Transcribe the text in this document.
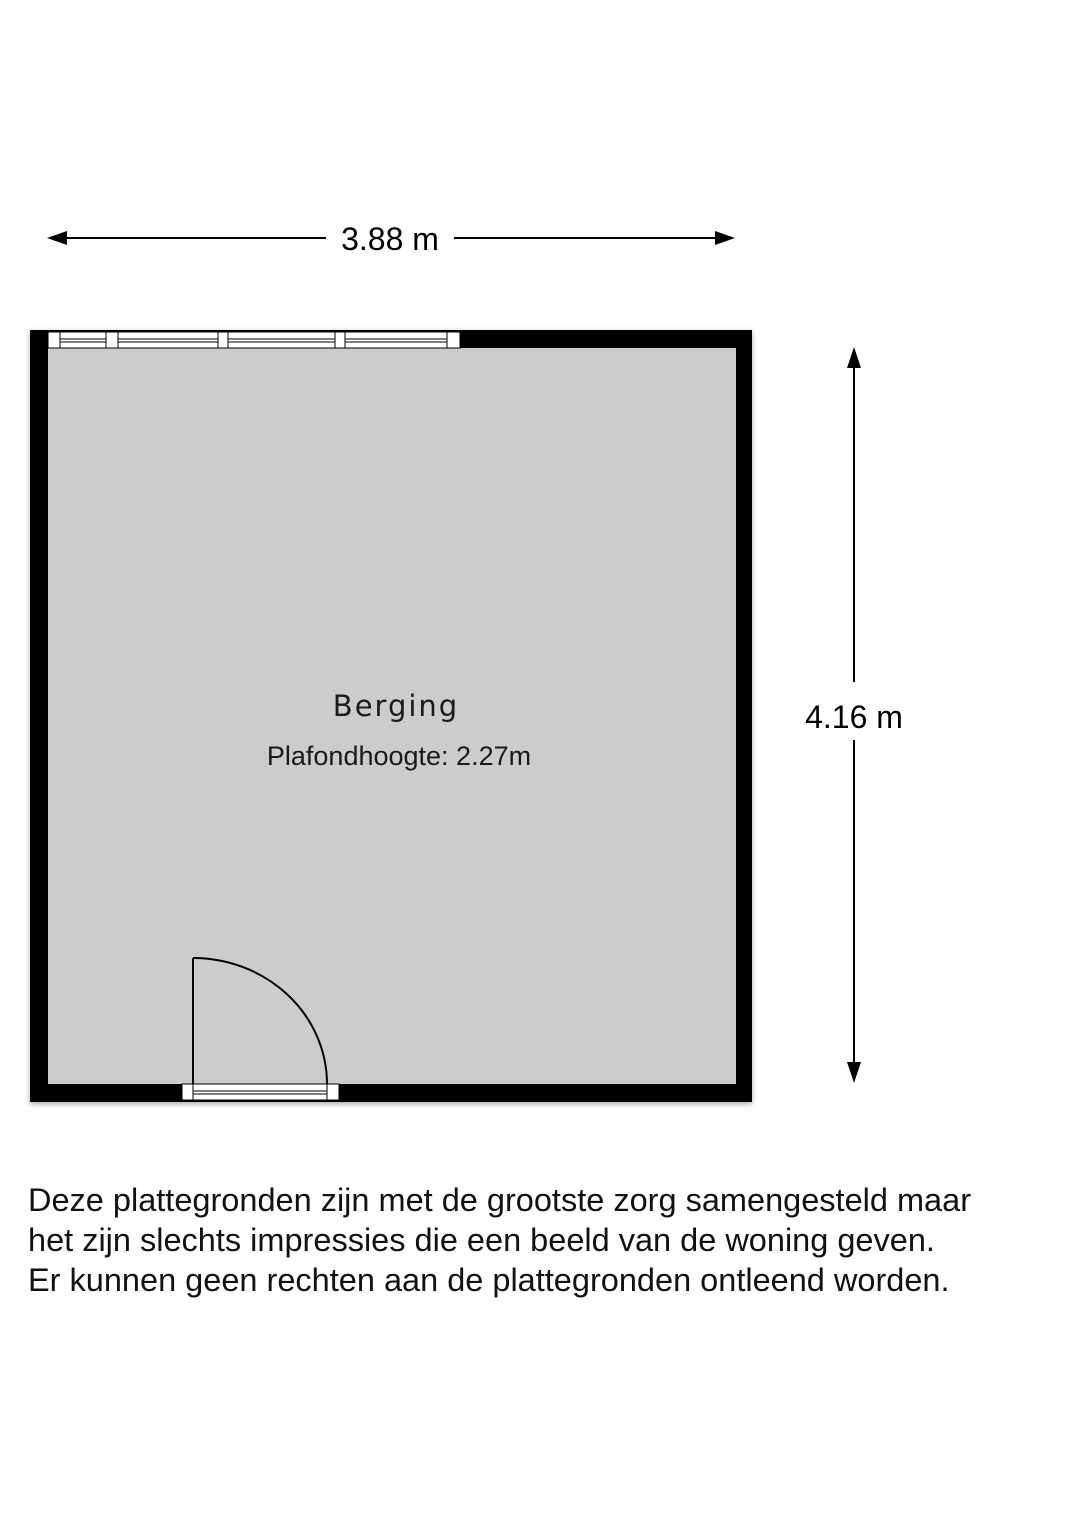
3.88 m
4.16 m
Berging
Plafondhoogte: 2.27m

Deze plattegronden zijn met de grootste zorg samengesteld maar
het zijn slechts impressies die een beeld van de woning geven.
Er kunnen geen rechten aan de plattegronden ontleend worden.
